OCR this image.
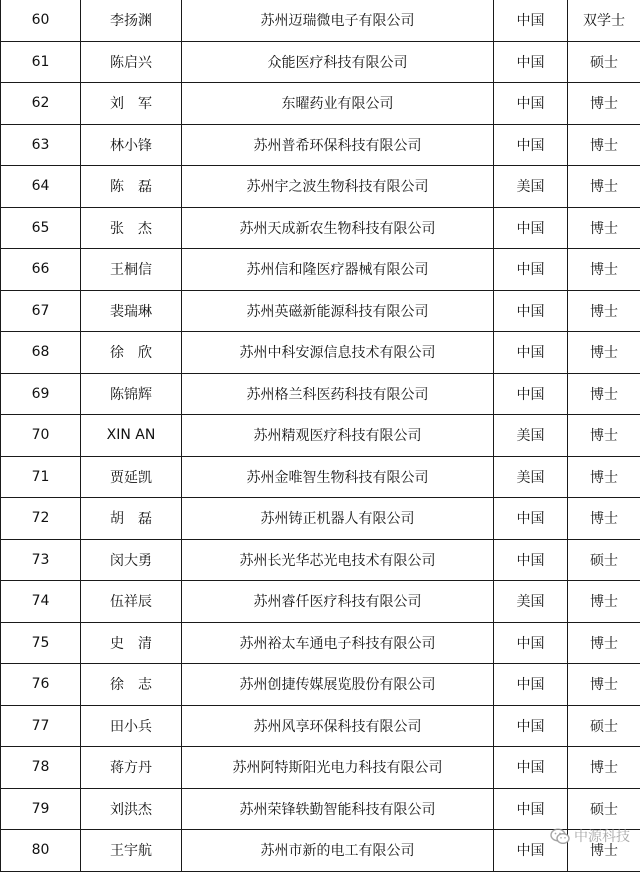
60	李扬渊	苏州迈瑞微电子有限公司	中国	双学士
61	陈启兴	众能医疗科技有限公司	中国	硕士
62	刘　军	东曜药业有限公司	中国	博士
63	林小锋	苏州普希环保科技有限公司	中国	博士
64	陈　磊	苏州宇之波生物科技有限公司	美国	博士
65	张　杰	苏州天成新农生物科技有限公司	中国	博士
66	王桐信	苏州信和隆医疗器械有限公司	中国	博士
67	裴瑞琳	苏州英磁新能源科技有限公司	中国	博士
68	徐　欣	苏州中科安源信息技术有限公司	中国	博士
69	陈锦辉	苏州格兰科医药科技有限公司	中国	博士
70	XIN AN	苏州精观医疗科技有限公司	美国	博士
71	贾延凯	苏州金唯智生物科技有限公司	美国	博士
72	胡　磊	苏州铸正机器人有限公司	中国	博士
73	闵大勇	苏州长光华芯光电技术有限公司	中国	硕士
74	伍祥辰	苏州睿仟医疗科技有限公司	美国	博士
75	史　清	苏州裕太车通电子科技有限公司	中国	博士
76	徐　志	苏州创捷传媒展览股份有限公司	中国	博士
77	田小兵	苏州风享环保科技有限公司	中国	硕士
78	蒋方丹	苏州阿特斯阳光电力科技有限公司	中国	博士
79	刘洪杰	苏州荣锋轶勤智能科技有限公司	中国	硕士
80	王宇航	苏州市新的电工有限公司	中国	博士
中源科技
